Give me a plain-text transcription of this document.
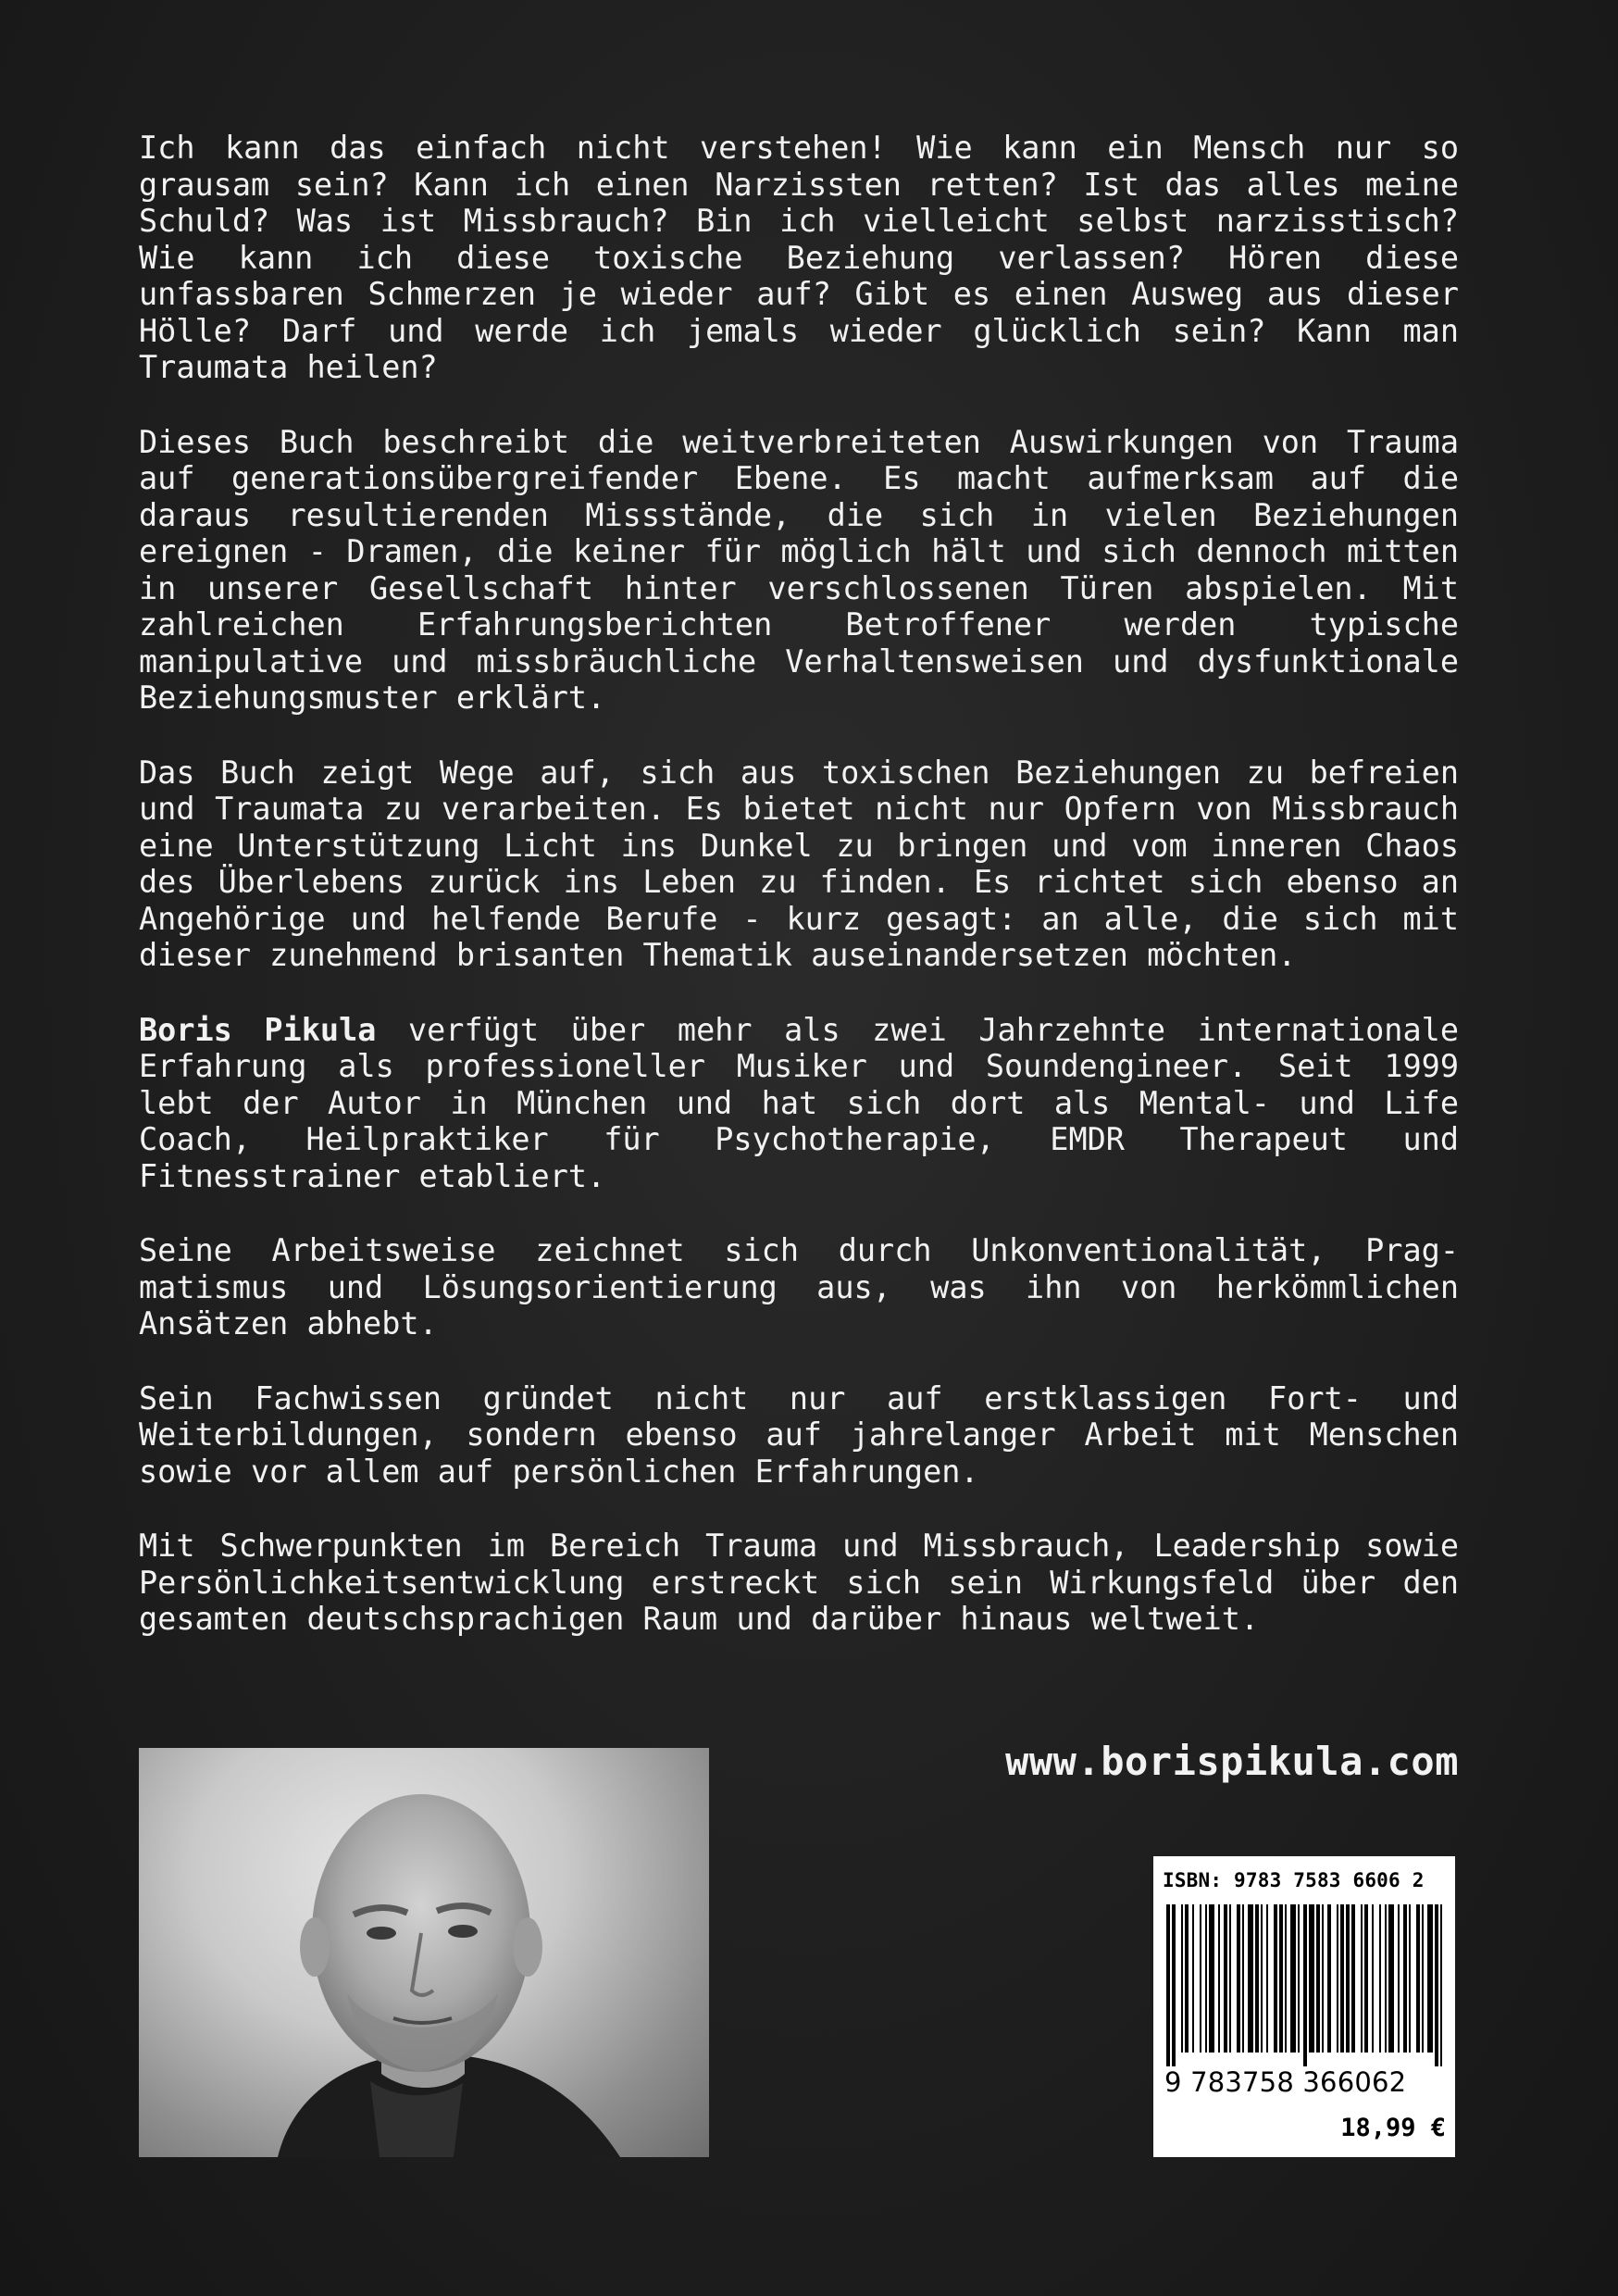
Ich kann das einfach nicht verstehen! Wie kann ein Mensch nur so grausam sein? Kann ich einen Narzissten retten? Ist das alles meine Schuld? Was ist Missbrauch? Bin ich vielleicht selbst narzisstisch? Wie kann ich diese toxische Beziehung verlassen? Hören diese unfassbaren Schmerzen je wieder auf? Gibt es einen Ausweg aus dieser Hölle? Darf und werde ich jemals wieder glücklich sein? Kann man Traumata heilen?

Dieses Buch beschreibt die weitverbreiteten Auswirkungen von Trauma auf generationsübergreifender Ebene. Es macht aufmerksam auf die daraus resultierenden Missstände, die sich in vielen Beziehungen ereignen - Dramen, die keiner für möglich hält und sich dennoch mitten in unserer Gesellschaft hinter verschlossenen Türen abspielen. Mit zahlreichen Erfahrungsberichten Betroffener werden typische manipulative und missbräuchliche Verhaltensweisen und dysfunktionale Beziehungsmuster erklärt.

Das Buch zeigt Wege auf, sich aus toxischen Beziehungen zu befreien und Traumata zu verarbeiten. Es bietet nicht nur Opfern von Missbrauch eine Unterstützung Licht ins Dunkel zu bringen und vom inneren Chaos des Überlebens zurück ins Leben zu finden. Es richtet sich ebenso an Angehörige und helfende Berufe - kurz gesagt: an alle, die sich mit dieser zunehmend brisanten Thematik auseinandersetzen möchten.

Boris Pikula verfügt über mehr als zwei Jahrzehnte internationale Erfahrung als professioneller Musiker und Soundengineer. Seit 1999 lebt der Autor in München und hat sich dort als Mental- und Life Coach, Heilpraktiker für Psychotherapie, EMDR Therapeut und Fitnesstrainer etabliert.

Seine Arbeitsweise zeichnet sich durch Unkonventionalität, Pragmatismus und Lösungsorientierung aus, was ihn von herkömmlichen Ansätzen abhebt.

Sein Fachwissen gründet nicht nur auf erstklassigen Fort- und Weiterbildungen, sondern ebenso auf jahrelanger Arbeit mit Menschen sowie vor allem auf persönlichen Erfahrungen.

Mit Schwerpunkten im Bereich Trauma und Missbrauch, Leadership sowie Persönlichkeitsentwicklung erstreckt sich sein Wirkungsfeld über den gesamten deutschsprachigen Raum und darüber hinaus weltweit.

www.borispikula.com
ISBN: 9783 7583 6606 2
9 783758 366062
18,99 €
